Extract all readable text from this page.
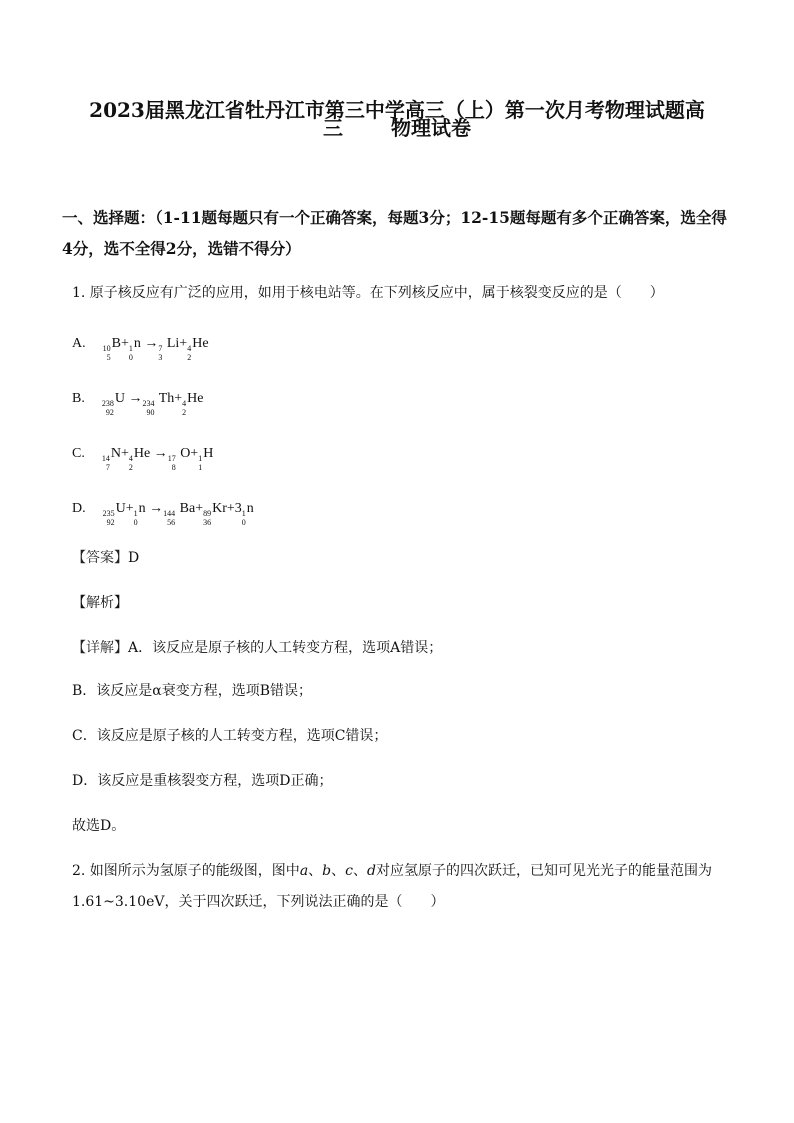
2023届黑龙江省牡丹江市第三中学高三（上）第一次月考物理试题高
三 物理试卷
一、选择题：（1-11题每题只有一个正确答案，每题3分；12-15题每题有多个正确答案，选全得4分，选不全得2分，选错不得分）
1. 原子核反应有广泛的应用，如用于核电站等。在下列核反应中，属于核裂变反应的是（　　）
A. 10
5
B+ 1
0
n → 7
3
Li+ 4
2
He
B. 238
92
U → 234
90
Th+ 4
2
He
C. 14
7
N+ 4
2
He → 17
8
O+ 1
1
H
D. 235
92
U+ 1
0
n → 144
56
Ba+ 89
36
Kr+3 1
0
n
【答案】D
【解析】
【详解】A．该反应是原子核的人工转变方程，选项A错误；
B．该反应是α衰变方程，选项B错误；
C．该反应是原子核的人工转变方程，选项C错误；
D．该反应是重核裂变方程，选项D正确；
故选D。
2. 如图所示为氢原子的能级图，图中a、b、c、d对应氢原子的四次跃迁，已知可见光光子的能量范围为
1.61~3.10eV，关于四次跃迁，下列说法正确的是（　　）
